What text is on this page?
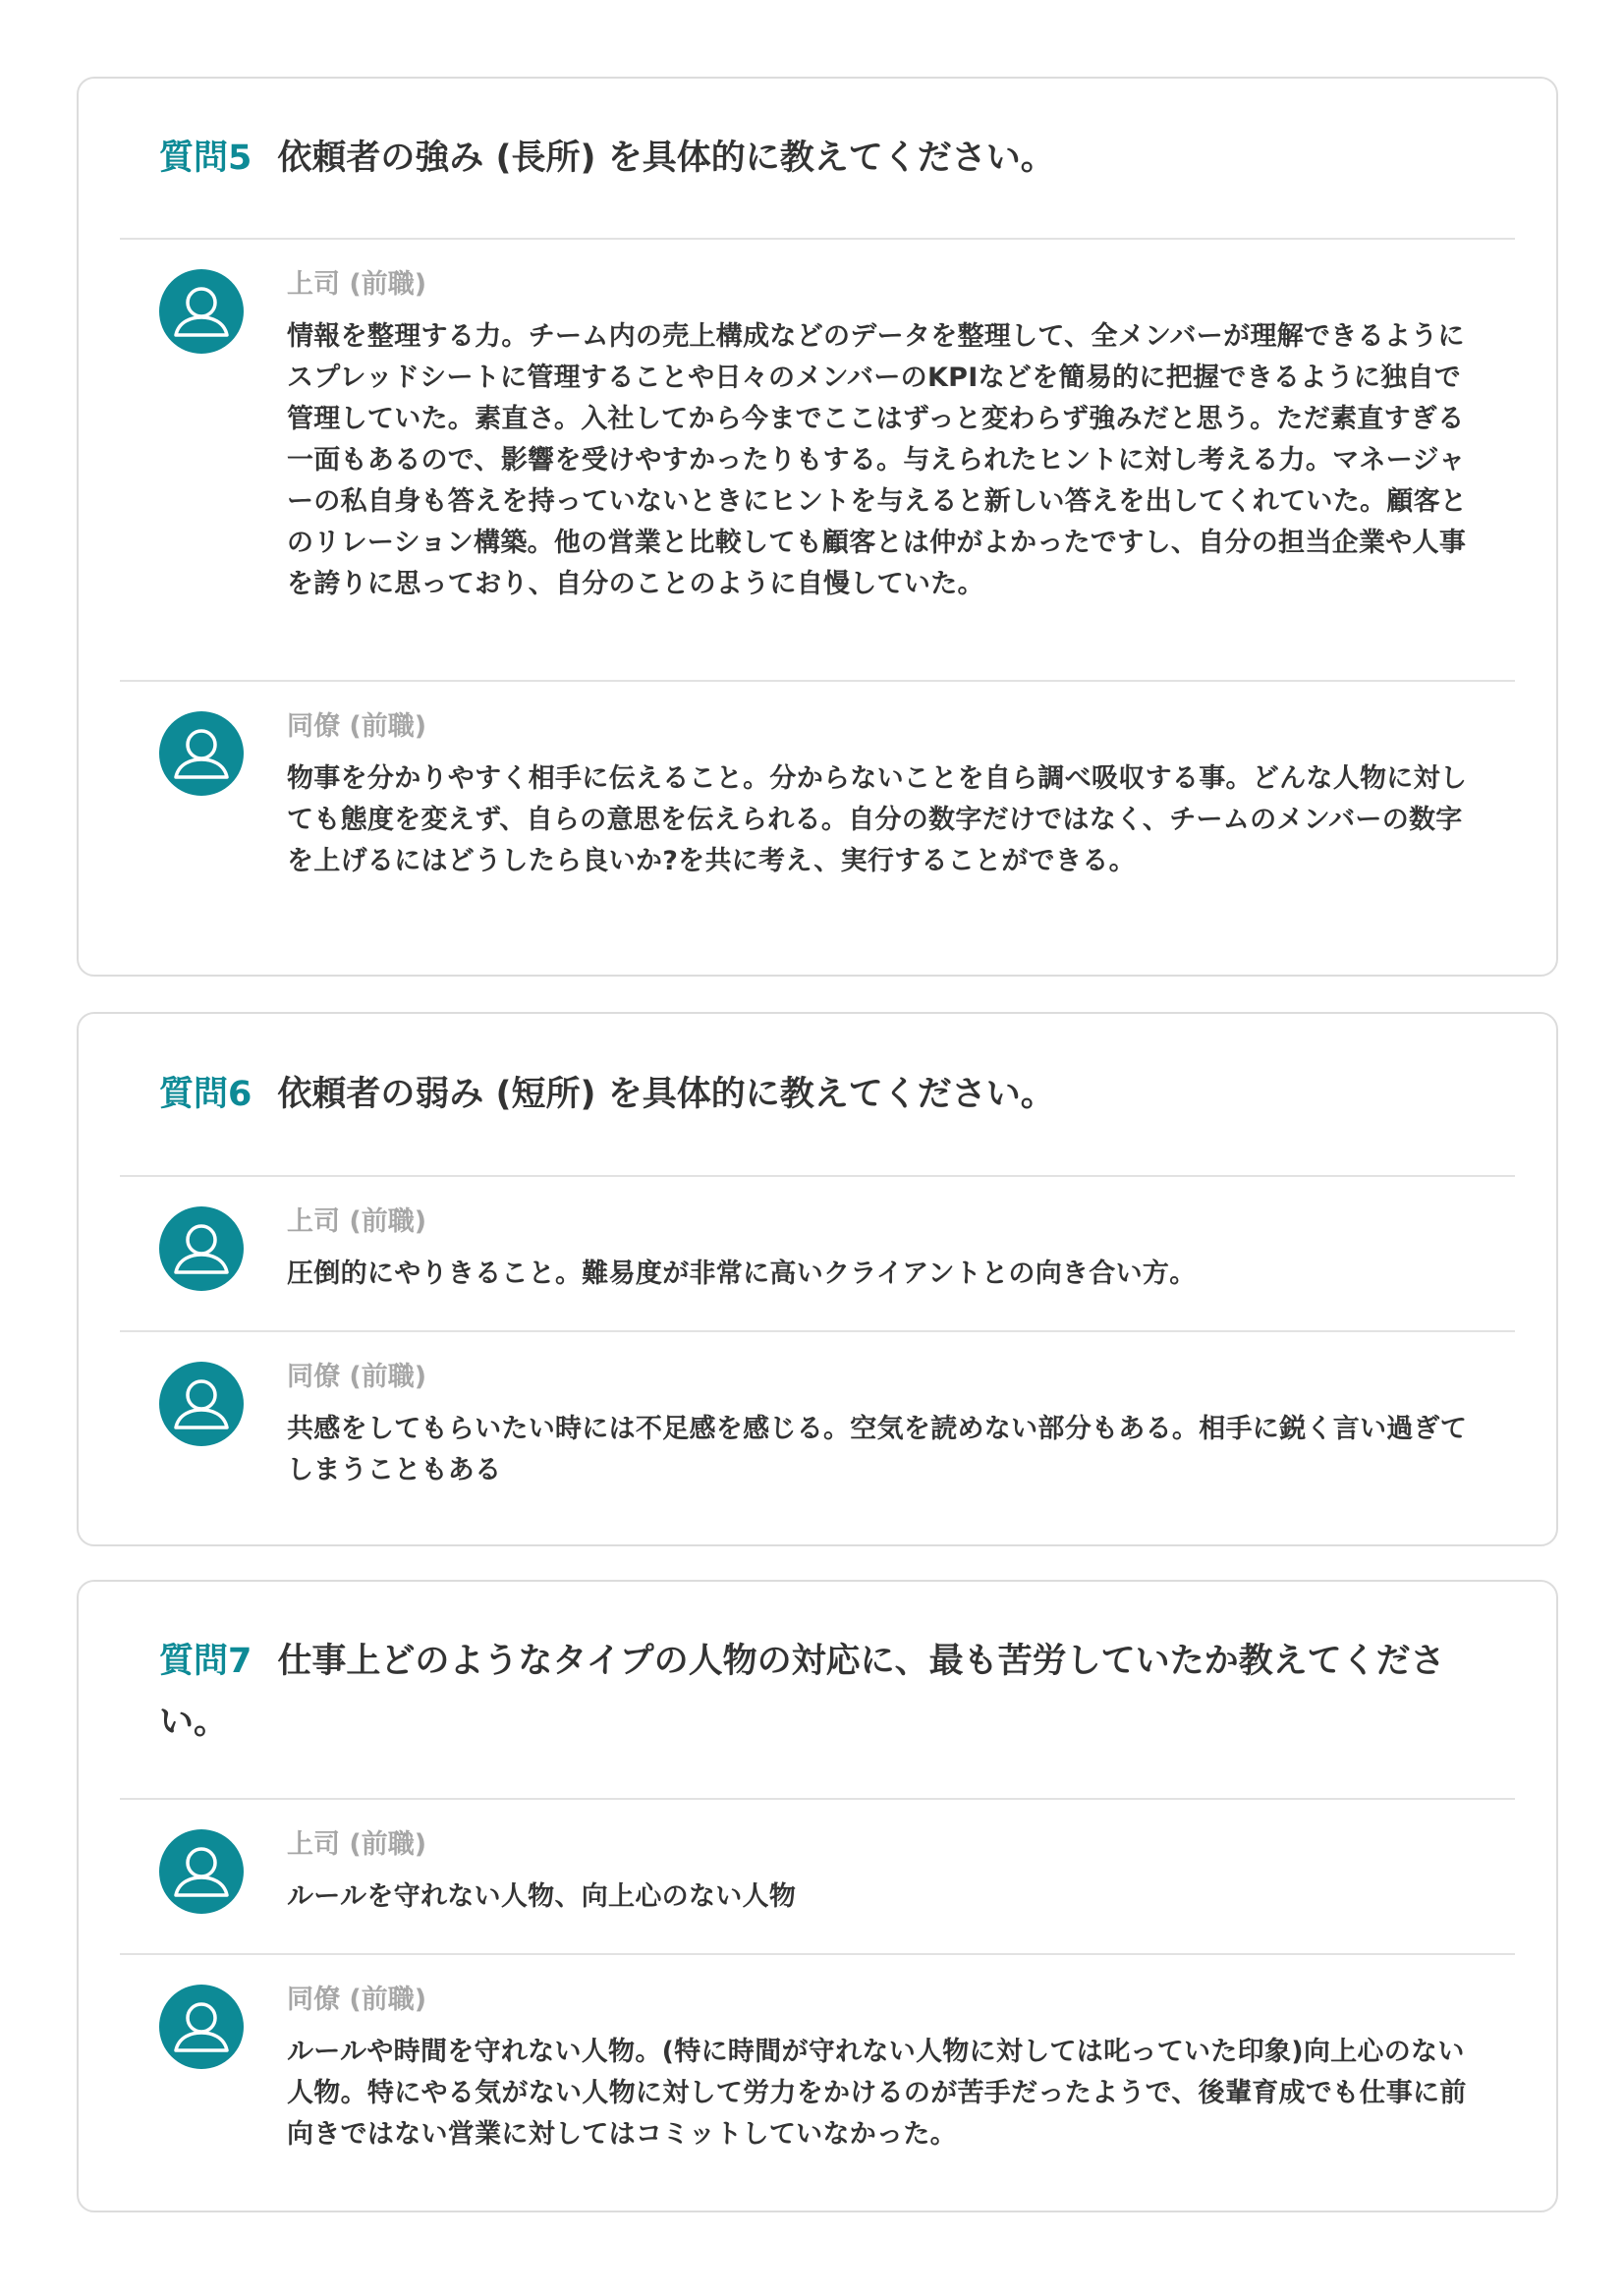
質問5 依頼者の強み (長所) を具体的に教えてください。

上司 (前職)

情報を整理する力。チーム内の売上構成などのデータを整理して、全メンバーが理解できるようにスプレッドシートに管理することや日々のメンバーのKPIなどを簡易的に把握できるように独自で管理していた。素直さ。入社してから今までここはずっと変わらず強みだと思う。ただ素直すぎる一面もあるので、影響を受けやすかったりもする。与えられたヒントに対し考える力。マネージャーの私自身も答えを持っていないときにヒントを与えると新しい答えを出してくれていた。顧客とのリレーション構築。他の営業と比較しても顧客とは仲がよかったですし、自分の担当企業や人事を誇りに思っており、自分のことのように自慢していた。

同僚 (前職)

物事を分かりやすく相手に伝えること。分からないことを自ら調べ吸収する事。どんな人物に対しても態度を変えず、自らの意思を伝えられる。自分の数字だけではなく、チームのメンバーの数字を上げるにはどうしたら良いか?を共に考え、実行することができる。

質問6 依頼者の弱み (短所) を具体的に教えてください。

上司 (前職)

圧倒的にやりきること。難易度が非常に高いクライアントとの向き合い方。

同僚 (前職)

共感をしてもらいたい時には不足感を感じる。空気を読めない部分もある。相手に鋭く言い過ぎてしまうこともある

質問7 仕事上どのようなタイプの人物の対応に、最も苦労していたか教えてください。

上司 (前職)

ルールを守れない人物、向上心のない人物

同僚 (前職)

ルールや時間を守れない人物。(特に時間が守れない人物に対しては叱っていた印象)向上心のない人物。特にやる気がない人物に対して労力をかけるのが苦手だったようで、後輩育成でも仕事に前向きではない営業に対してはコミットしていなかった。
